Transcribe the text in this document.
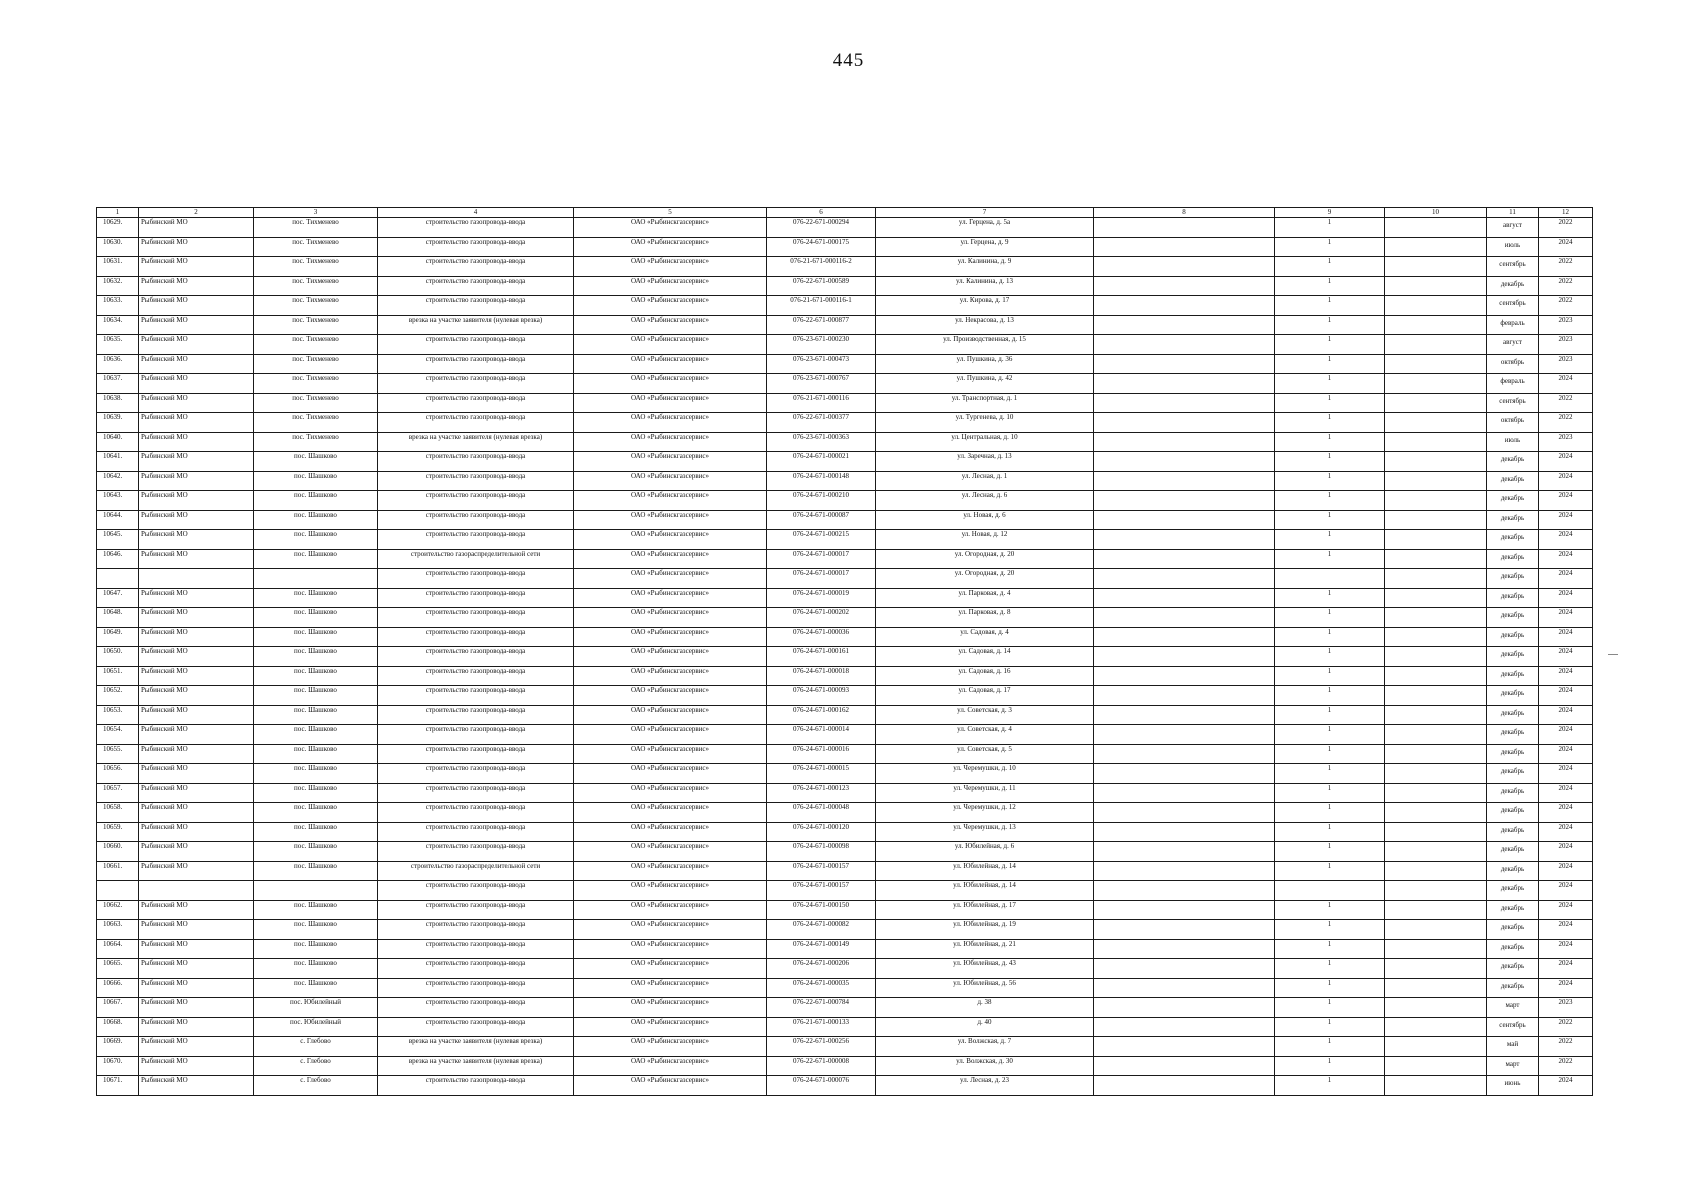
445
1	2	3	4	5	6	7	8	9	10	11	12
10629.	Рыбинский МО	пос. Тихменево	строительство газопровода-ввода	ОАО «Рыбинскгазсервис»	076-22-671-000294	ул. Герцена, д. 5а		1		август	2022
10630.	Рыбинский МО	пос. Тихменево	строительство газопровода-ввода	ОАО «Рыбинскгазсервис»	076-24-671-000175	ул. Герцена, д. 9		1		июль	2024
10631.	Рыбинский МО	пос. Тихменево	строительство газопровода-ввода	ОАО «Рыбинскгазсервис»	076-21-671-000116-2	ул. Калинина, д. 9		1		сентябрь	2022
10632.	Рыбинский МО	пос. Тихменево	строительство газопровода-ввода	ОАО «Рыбинскгазсервис»	076-22-671-000589	ул. Калинина, д. 13		1		декабрь	2022
10633.	Рыбинский МО	пос. Тихменево	строительство газопровода-ввода	ОАО «Рыбинскгазсервис»	076-21-671-000116-1	ул. Кирова, д. 17		1		сентябрь	2022
10634.	Рыбинский МО	пос. Тихменево	врезка на участке заявителя (нулевая врезка)	ОАО «Рыбинскгазсервис»	076-22-671-000877	ул. Некрасова, д. 13		1		февраль	2023
10635.	Рыбинский МО	пос. Тихменево	строительство газопровода-ввода	ОАО «Рыбинскгазсервис»	076-23-671-000230	ул. Производственная, д. 15		1		август	2023
10636.	Рыбинский МО	пос. Тихменево	строительство газопровода-ввода	ОАО «Рыбинскгазсервис»	076-23-671-000473	ул. Пушкина, д. 36		1		октябрь	2023
10637.	Рыбинский МО	пос. Тихменево	строительство газопровода-ввода	ОАО «Рыбинскгазсервис»	076-23-671-000767	ул. Пушкина, д. 42		1		февраль	2024
10638.	Рыбинский МО	пос. Тихменево	строительство газопровода-ввода	ОАО «Рыбинскгазсервис»	076-21-671-000116	ул. Транспортная, д. 1		1		сентябрь	2022
10639.	Рыбинский МО	пос. Тихменево	строительство газопровода-ввода	ОАО «Рыбинскгазсервис»	076-22-671-000377	ул. Тургенева, д. 10		1		октябрь	2022
10640.	Рыбинский МО	пос. Тихменево	врезка на участке заявителя (нулевая врезка)	ОАО «Рыбинскгазсервис»	076-23-671-000363	ул. Центральная, д. 10		1		июль	2023
10641.	Рыбинский МО	пос. Шашково	строительство газопровода-ввода	ОАО «Рыбинскгазсервис»	076-24-671-000021	ул. Заречная, д. 13		1		декабрь	2024
10642.	Рыбинский МО	пос. Шашково	строительство газопровода-ввода	ОАО «Рыбинскгазсервис»	076-24-671-000148	ул. Лесная, д. 1		1		декабрь	2024
10643.	Рыбинский МО	пос. Шашково	строительство газопровода-ввода	ОАО «Рыбинскгазсервис»	076-24-671-000210	ул. Лесная, д. 6		1		декабрь	2024
10644.	Рыбинский МО	пос. Шашково	строительство газопровода-ввода	ОАО «Рыбинскгазсервис»	076-24-671-000087	ул. Новая, д. 6		1		декабрь	2024
10645.	Рыбинский МО	пос. Шашково	строительство газопровода-ввода	ОАО «Рыбинскгазсервис»	076-24-671-000215	ул. Новая, д. 12		1		декабрь	2024
10646.	Рыбинский МО	пос. Шашково	строительство газораспределительной сети	ОАО «Рыбинскгазсервис»	076-24-671-000017	ул. Огородная, д. 20		1		декабрь	2024
			строительство газопровода-ввода	ОАО «Рыбинскгазсервис»	076-24-671-000017	ул. Огородная, д. 20				декабрь	2024
10647.	Рыбинский МО	пос. Шашково	строительство газопровода-ввода	ОАО «Рыбинскгазсервис»	076-24-671-000019	ул. Парковая, д. 4		1		декабрь	2024
10648.	Рыбинский МО	пос. Шашково	строительство газопровода-ввода	ОАО «Рыбинскгазсервис»	076-24-671-000202	ул. Парковая, д. 8		1		декабрь	2024
10649.	Рыбинский МО	пос. Шашково	строительство газопровода-ввода	ОАО «Рыбинскгазсервис»	076-24-671-000036	ул. Садовая, д. 4		1		декабрь	2024
10650.	Рыбинский МО	пос. Шашково	строительство газопровода-ввода	ОАО «Рыбинскгазсервис»	076-24-671-000161	ул. Садовая, д. 14		1		декабрь	2024
10651.	Рыбинский МО	пос. Шашково	строительство газопровода-ввода	ОАО «Рыбинскгазсервис»	076-24-671-000018	ул. Садовая, д. 16		1		декабрь	2024
10652.	Рыбинский МО	пос. Шашково	строительство газопровода-ввода	ОАО «Рыбинскгазсервис»	076-24-671-000093	ул. Садовая, д. 17		1		декабрь	2024
10653.	Рыбинский МО	пос. Шашково	строительство газопровода-ввода	ОАО «Рыбинскгазсервис»	076-24-671-000162	ул. Советская, д. 3		1		декабрь	2024
10654.	Рыбинский МО	пос. Шашково	строительство газопровода-ввода	ОАО «Рыбинскгазсервис»	076-24-671-000014	ул. Советская, д. 4		1		декабрь	2024
10655.	Рыбинский МО	пос. Шашково	строительство газопровода-ввода	ОАО «Рыбинскгазсервис»	076-24-671-000016	ул. Советская, д. 5		1		декабрь	2024
10656.	Рыбинский МО	пос. Шашково	строительство газопровода-ввода	ОАО «Рыбинскгазсервис»	076-24-671-000015	ул. Черемушки, д. 10		1		декабрь	2024
10657.	Рыбинский МО	пос. Шашково	строительство газопровода-ввода	ОАО «Рыбинскгазсервис»	076-24-671-000123	ул. Черемушки, д. 11		1		декабрь	2024
10658.	Рыбинский МО	пос. Шашково	строительство газопровода-ввода	ОАО «Рыбинскгазсервис»	076-24-671-000048	ул. Черемушки, д. 12		1		декабрь	2024
10659.	Рыбинский МО	пос. Шашково	строительство газопровода-ввода	ОАО «Рыбинскгазсервис»	076-24-671-000120	ул. Черемушки, д. 13		1		декабрь	2024
10660.	Рыбинский МО	пос. Шашково	строительство газопровода-ввода	ОАО «Рыбинскгазсервис»	076-24-671-000098	ул. Юбилейная, д. 6		1		декабрь	2024
10661.	Рыбинский МО	пос. Шашково	строительство газораспределительной сети	ОАО «Рыбинскгазсервис»	076-24-671-000157	ул. Юбилейная, д. 14		1		декабрь	2024
			строительство газопровода-ввода	ОАО «Рыбинскгазсервис»	076-24-671-000157	ул. Юбилейная, д. 14				декабрь	2024
10662.	Рыбинский МО	пос. Шашково	строительство газопровода-ввода	ОАО «Рыбинскгазсервис»	076-24-671-000150	ул. Юбилейная, д. 17		1		декабрь	2024
10663.	Рыбинский МО	пос. Шашково	строительство газопровода-ввода	ОАО «Рыбинскгазсервис»	076-24-671-000082	ул. Юбилейная, д. 19		1		декабрь	2024
10664.	Рыбинский МО	пос. Шашково	строительство газопровода-ввода	ОАО «Рыбинскгазсервис»	076-24-671-000149	ул. Юбилейная, д. 21		1		декабрь	2024
10665.	Рыбинский МО	пос. Шашково	строительство газопровода-ввода	ОАО «Рыбинскгазсервис»	076-24-671-000206	ул. Юбилейная, д. 43		1		декабрь	2024
10666.	Рыбинский МО	пос. Шашково	строительство газопровода-ввода	ОАО «Рыбинскгазсервис»	076-24-671-000035	ул. Юбилейная, д. 56		1		декабрь	2024
10667.	Рыбинский МО	пос. Юбилейный	строительство газопровода-ввода	ОАО «Рыбинскгазсервис»	076-22-671-000784	д. 38		1		март	2023
10668.	Рыбинский МО	пос. Юбилейный	строительство газопровода-ввода	ОАО «Рыбинскгазсервис»	076-21-671-000133	д. 40		1		сентябрь	2022
10669.	Рыбинский МО	с. Глебово	врезка на участке заявителя (нулевая врезка)	ОАО «Рыбинскгазсервис»	076-22-671-000256	ул. Волжская, д. 7		1		май	2022
10670.	Рыбинский МО	с. Глебово	врезка на участке заявителя (нулевая врезка)	ОАО «Рыбинскгазсервис»	076-22-671-000008	ул. Волжская, д. 30		1		март	2022
10671.	Рыбинский МО	с. Глебово	строительство газопровода-ввода	ОАО «Рыбинскгазсервис»	076-24-671-000076	ул. Лесная, д. 23		1		июнь	2024
